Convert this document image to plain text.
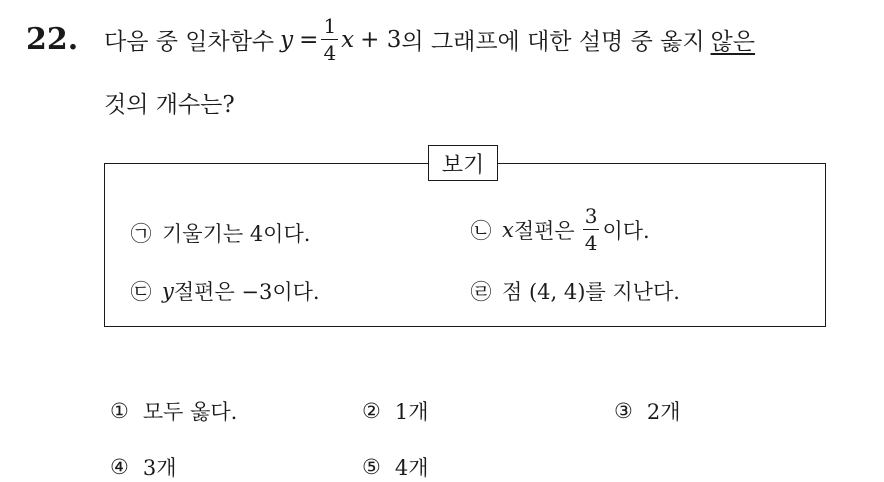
22. 다음 중 일차함수 $y = \frac{1}{4}$ x + 3 의 그래프에 대한 설명 중 옳지 않은
것의 개수는?
보기
㉠ 기울기는 4이다.	㉡ x 절편은 $\frac{3}{4}$ 이다.
㉢ y 절편은 −3이다.	㉣ 점 (4, 4)를 지난다.
① 모두 옳다.	② 1개	③ 2개
④ 3개	⑤ 4개
